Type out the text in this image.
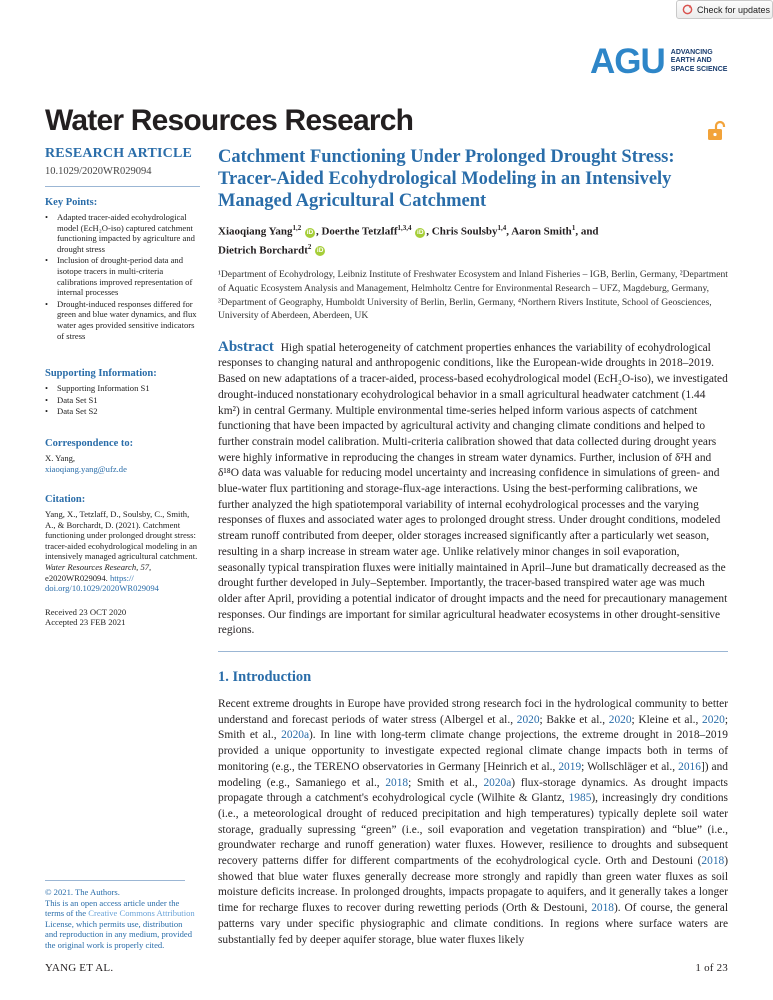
Check for updates
AGU ADVANCING
EARTH AND
SPACE SCIENCE
Water Resources Research
RESEARCH ARTICLE
10.1029/2020WR029094
Key Points:
• Adapted tracer-aided ecohydrological model (EcH₂O-iso) captured catchment functioning impacted by agriculture and drought stress
• Inclusion of drought-period data and isotope tracers in multi-criteria calibrations improved representation of internal processes
• Drought-induced responses differed for green and blue water dynamics, and flux water ages provided sensitive indicators of stress
Supporting Information:
• Supporting Information S1
• Data Set S1
• Data Set S2
Correspondence to:
X. Yang,
xiaoqiang.yang@ufz.de
Citation:
Yang, X., Tetzlaff, D., Soulsby, C., Smith, A., & Borchardt, D. (2021). Catchment functioning under prolonged drought stress: tracer-aided ecohydrological modeling in an intensively managed agricultural catchment. Water Resources Research, 57, e2020WR029094. https:// doi.org/10.1029/2020WR029094
Received 23 OCT 2020
Accepted 23 FEB 2021
© 2021. The Authors.
This is an open access article under the terms of the Creative Commons Attribution License, which permits use, distribution and reproduction in any medium, provided the original work is properly cited.
Catchment Functioning Under Prolonged Drought Stress: Tracer-Aided Ecohydrological Modeling in an Intensively Managed Agricultural Catchment
Xiaoqiang Yang$^{1,2}$ iD , Doerthe Tetzlaff$^{1,3,4}$ iD , Chris Soulsby$^{1,4}$, Aaron Smith$^1$, and
Dietrich Borchardt$^2$ iD
¹Department of Ecohydrology, Leibniz Institute of Freshwater Ecosystem and Inland Fisheries – IGB, Berlin, Germany, ²Department of Aquatic Ecosystem Analysis and Management, Helmholtz Centre for Environmental Research – UFZ, Magdeburg, Germany, ³Department of Geography, Humboldt University of Berlin, Berlin, Germany, ⁴Northern Rivers Institute, School of Geosciences, University of Aberdeen, Aberdeen, UK
Abstract High spatial heterogeneity of catchment properties enhances the variability of ecohydrological responses to changing natural and anthropogenic conditions, like the European-wide droughts in 2018–2019. Based on new adaptations of a tracer-aided, process-based ecohydrological model (EcH₂O-iso), we investigated drought-induced nonstationary ecohydrological behavior in a small agricultural headwater catchment (1.44 km²) in central Germany. Multiple environmental time-series helped inform various aspects of catchment functioning that have been impacted by agricultural activity and changing climate conditions and helped to further constrain model calibration. Multi-criteria calibration showed that data collected during drought years were highly informative in reproducing the changes in stream water dynamics. Further, inclusion of δ²H and δ¹⁸O data was valuable for reducing model uncertainty and increasing confidence in simulations of green- and blue-water flux partitioning and storage-flux-age interactions. Using the best-performing calibrations, we further analyzed the high spatiotemporal variability of internal ecohydrological processes and the varying responses of fluxes and associated water ages to prolonged drought stress. Under drought conditions, modeled stream runoff contributed from deeper, older storages increased significantly after a particularly wet season, resulting in a sharp increase in stream water age. Unlike relatively minor changes in soil evaporation, seasonally typical transpiration fluxes were initially maintained in April–June but dramatically decreased as the drought further developed in July–September. Importantly, the tracer-based transpired water age was much older after April, providing a potential indicator of drought impacts and the need for precautionary management responses. Our findings are important for similar agricultural headwater ecosystems in other drought-sensitive regions.
1. Introduction
Recent extreme droughts in Europe have provided strong research foci in the hydrological community to better understand and forecast periods of water stress (Albergel et al., 2020; Bakke et al., 2020; Kleine et al., 2020; Smith et al., 2020a). In line with long-term climate change projections, the extreme drought in 2018–2019 provided a unique opportunity to investigate expected regional climate change impacts both in terms of monitoring (e.g., the TERENO observatories in Germany [Heinrich et al., 2019; Wollschläger et al., 2016]) and modeling (e.g., Samaniego et al., 2018; Smith et al., 2020a) flux-storage dynamics. As drought impacts propagate through a catchment's ecohydrological cycle (Wilhite & Glantz, 1985), increasingly dry conditions (i.e., a meteorological drought of reduced precipitation and high temperatures) typically deplete soil water storage, gradually supressing “green” (i.e., soil evaporation and vegetation transpiration) and “blue” (i.e., groundwater recharge and runoff generation) water fluxes. However, resilience to droughts and subsequent recovery patterns differ for different compartments of the ecohydrological cycle. Orth and Destouni (2018) showed that blue water fluxes generally decrease more strongly and rapidly than green water fluxes as soil moisture deficits increase. In prolonged droughts, impacts propagate to aquifers, and it generally takes a longer time for recharge fluxes to recover during rewetting periods (Orth & Destouni, 2018). Of course, the general patterns vary under specific physiographic and climate conditions. In regions where surface waters are substantially fed by deeper aquifer storage, blue water fluxes likely
YANG ET AL.	1 of 23
